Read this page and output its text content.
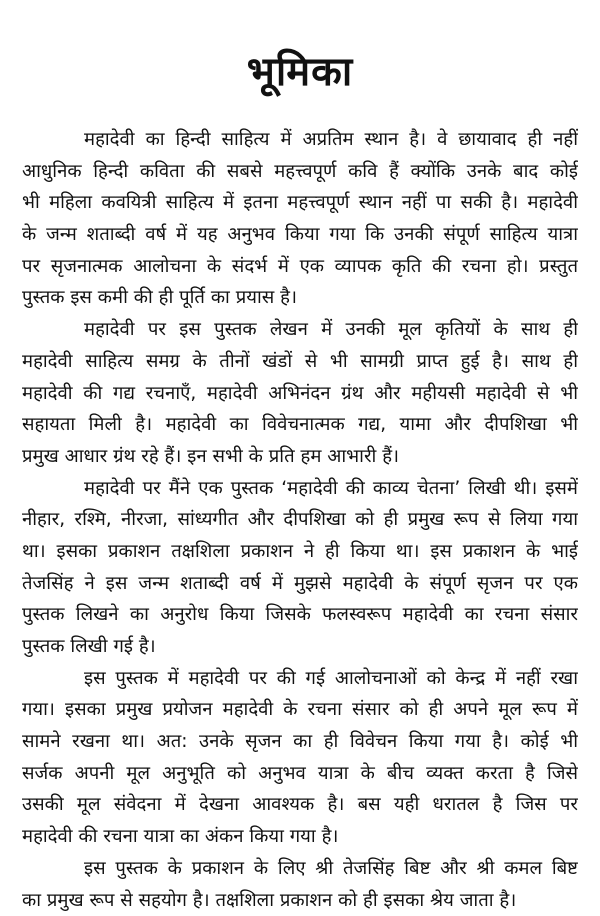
भूमिका
महादेवी का हिन्दी साहित्य में अप्रतिम स्थान है। वे छायावाद ही नहीं
आधुनिक हिन्दी कविता की सबसे महत्त्वपूर्ण कवि हैं क्योंकि उनके बाद कोई
भी महिला कवयित्री साहित्य में इतना महत्त्वपूर्ण स्थान नहीं पा सकी है। महादेवी
के जन्म शताब्दी वर्ष में यह अनुभव किया गया कि उनकी संपूर्ण साहित्य यात्रा
पर सृजनात्मक आलोचना के संदर्भ में एक व्यापक कृति की रचना हो। प्रस्तुत
पुस्तक इस कमी की ही पूर्ति का प्रयास है।
महादेवी पर इस पुस्तक लेखन में उनकी मूल कृतियों के साथ ही
महादेवी साहित्य समग्र के तीनों खंडों से भी सामग्री प्राप्त हुई है। साथ ही
महादेवी की गद्य रचनाएँ, महादेवी अभिनंदन ग्रंथ और महीयसी महादेवी से भी
सहायता मिली है। महादेवी का विवेचनात्मक गद्य, यामा और दीपशिखा भी
प्रमुख आधार ग्रंथ रहे हैं। इन सभी के प्रति हम आभारी हैं।
महादेवी पर मैंने एक पुस्तक ‘महादेवी की काव्य चेतना’ लिखी थी। इसमें
नीहार, रश्मि, नीरजा, सांध्यगीत और दीपशिखा को ही प्रमुख रूप से लिया गया
था। इसका प्रकाशन तक्षशिला प्रकाशन ने ही किया था। इस प्रकाशन के भाई
तेजसिंह ने इस जन्म शताब्दी वर्ष में मुझसे महादेवी के संपूर्ण सृजन पर एक
पुस्तक लिखने का अनुरोध किया जिसके फलस्वरूप महादेवी का रचना संसार
पुस्तक लिखी गई है।
इस पुस्तक में महादेवी पर की गई आलोचनाओं को केन्द्र में नहीं रखा
गया। इसका प्रमुख प्रयोजन महादेवी के रचना संसार को ही अपने मूल रूप में
सामने रखना था। अत: उनके सृजन का ही विवेचन किया गया है। कोई भी
सर्जक अपनी मूल अनुभूति को अनुभव यात्रा के बीच व्यक्त करता है जिसे
उसकी मूल संवेदना में देखना आवश्यक है। बस यही धरातल है जिस पर
महादेवी की रचना यात्रा का अंकन किया गया है।
इस पुस्तक के प्रकाशन के लिए श्री तेजसिंह बिष्ट और श्री कमल बिष्ट
का प्रमुख रूप से सहयोग है। तक्षशिला प्रकाशन को ही इसका श्रेय जाता है।
